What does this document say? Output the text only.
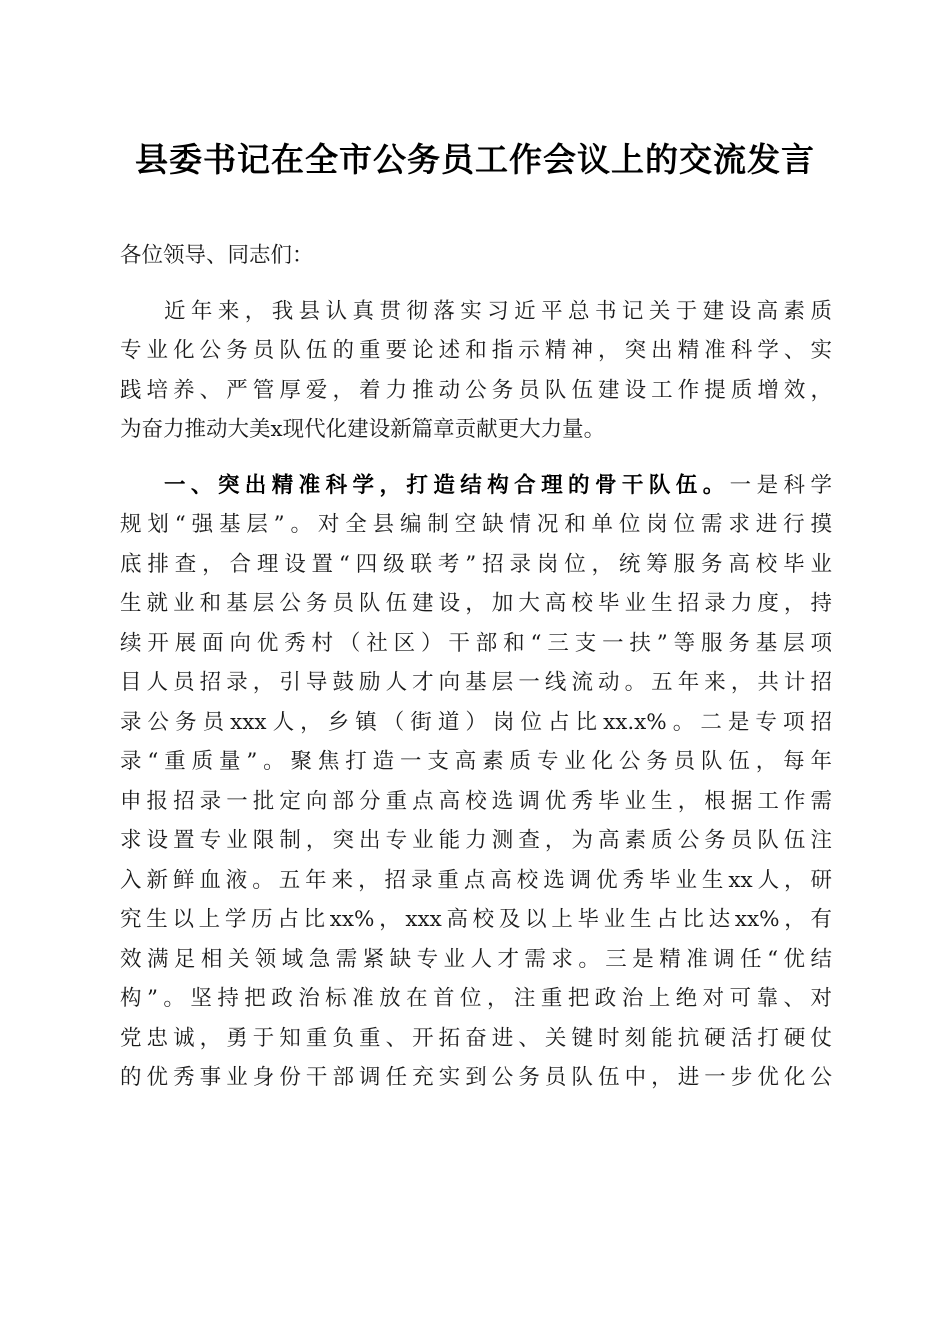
县委书记在全市公务员工作会议上的交流发言
各位领导、同志们：
近年来，我县认真贯彻落实习近平总书记关于建设高素质
专业化公务员队伍的重要论述和指示精神，突出精准科学、实
践培养、严管厚爱，着力推动公务员队伍建设工作提质增效，
为奋力推动大美x现代化建设新篇章贡献更大力量。
一、突出精准科学，打造结构合理的骨干队伍。一是科学
规划“强基层”。对全县编制空缺情况和单位岗位需求进行摸
底排查，合理设置“四级联考”招录岗位，统筹服务高校毕业
生就业和基层公务员队伍建设，加大高校毕业生招录力度，持
续开展面向优秀村（社区）干部和“三支一扶”等服务基层项
目人员招录，引导鼓励人才向基层一线流动。五年来，共计招
录公务员xxx人，乡镇（街道）岗位占比xx.x%。二是专项招
录“重质量”。聚焦打造一支高素质专业化公务员队伍，每年
申报招录一批定向部分重点高校选调优秀毕业生，根据工作需
求设置专业限制，突出专业能力测查，为高素质公务员队伍注
入新鲜血液。五年来，招录重点高校选调优秀毕业生xx人，研
究生以上学历占比xx%，xxx高校及以上毕业生占比达xx%，有
效满足相关领域急需紧缺专业人才需求。三是精准调任“优结
构”。坚持把政治标准放在首位，注重把政治上绝对可靠、对
党忠诚，勇于知重负重、开拓奋进、关键时刻能抗硬活打硬仗
的优秀事业身份干部调任充实到公务员队伍中，进一步优化公
